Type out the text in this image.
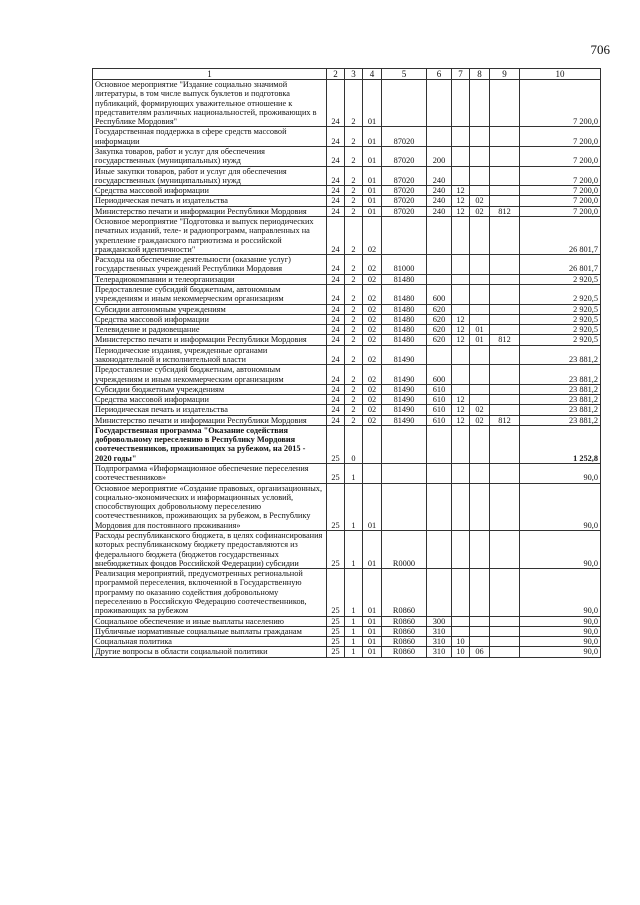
706
1	2	3	4	5	6	7	8	9	10
Основное мероприятие "Издание социально значимой литературы, в том числе выпуск буклетов и подготовка публикаций, формирующих уважительное отношение к представителям различных национальностей, проживающих в Республике Мордовия"	24	2	01						7 200,0
Государственная поддержка в сфере средств массовой информации	24	2	01	87020					7 200,0
Закупка товаров, работ и услуг для обеспечения государственных (муниципальных) нужд	24	2	01	87020	200				7 200,0
Иные закупки товаров, работ и услуг для обеспечения государственных (муниципальных) нужд	24	2	01	87020	240				7 200,0
Средства массовой информации	24	2	01	87020	240	12			7 200,0
Периодическая печать и издательства	24	2	01	87020	240	12	02		7 200,0
Министерство печати и информации Республики Мордовия	24	2	01	87020	240	12	02	812	7 200,0
Основное мероприятие "Подготовка и выпуск периодических печатных изданий, теле- и радиопрограмм, направленных на укрепление гражданского патриотизма и российской гражданской идентичности"	24	2	02						26 801,7
Расходы на обеспечение деятельности (оказание услуг) государственных учреждений Республики Мордовия	24	2	02	81000					26 801,7
Телерадиокомпании и телеорганизации	24	2	02	81480					2 920,5
Предоставление субсидий бюджетным, автономным учреждениям и иным некоммерческим организациям	24	2	02	81480	600				2 920,5
Субсидии автономным учреждениям	24	2	02	81480	620				2 920,5
Средства массовой информации	24	2	02	81480	620	12			2 920,5
Телевидение и радиовещание	24	2	02	81480	620	12	01		2 920,5
Министерство печати и информации Республики Мордовия	24	2	02	81480	620	12	01	812	2 920,5
Периодические издания, учрежденные органами законодательной и исполнительной власти	24	2	02	81490					23 881,2
Предоставление субсидий бюджетным, автономным учреждениям и иным некоммерческим организациям	24	2	02	81490	600				23 881,2
Субсидии бюджетным учреждениям	24	2	02	81490	610				23 881,2
Средства массовой информации	24	2	02	81490	610	12			23 881,2
Периодическая печать и издательства	24	2	02	81490	610	12	02		23 881,2
Министерство печати и информации Республики Мордовия	24	2	02	81490	610	12	02	812	23 881,2
Государственная программа "Оказание содействия добровольному переселению в Республику Мордовия соотечественников, проживающих за рубежом, на 2015 - 2020 годы"	25	0							1 252,8
Подпрограмма «Информационное обеспечение переселения соотечественников»	25	1							90,0
Основное мероприятие «Создание правовых, организационных, социально-экономических и информационных условий, способствующих добровольному переселению соотечественников, проживающих за рубежом, в Республику Мордовия для постоянного проживания»	25	1	01						90,0
Расходы республиканского бюджета, в целях софинансирования которых республиканскому бюджету предоставляются из федерального бюджета (бюджетов государственных внебюджетных фондов Российской Федерации) субсидии	25	1	01	R0000					90,0
Реализация мероприятий, предусмотренных региональной программой переселения, включенной в Государственную программу по оказанию содействия добровольному переселению в Российскую Федерацию соотечественников, проживающих за рубежом	25	1	01	R0860					90,0
Социальное обеспечение и иные выплаты населению	25	1	01	R0860	300				90,0
Публичные нормативные социальные выплаты гражданам	25	1	01	R0860	310				90,0
Социальная политика	25	1	01	R0860	310	10			90,0
Другие вопросы в области социальной политики	25	1	01	R0860	310	10	06		90,0
